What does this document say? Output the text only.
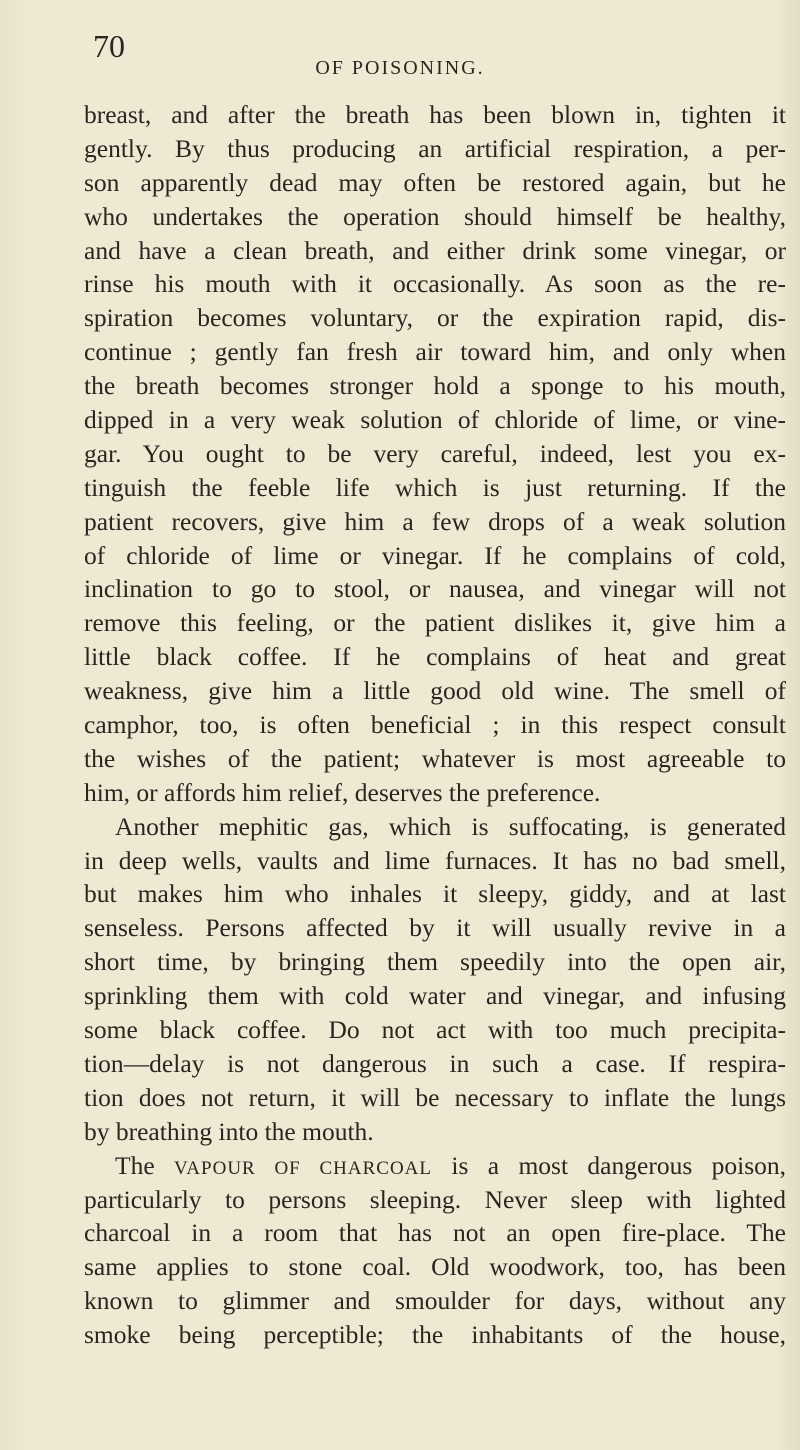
70
OF POISONING.
breast, and after the breath has been blown in, tighten it
gently. By thus producing an artificial respiration, a per-
son apparently dead may often be restored again, but he
who undertakes the operation should himself be healthy,
and have a clean breath, and either drink some vinegar, or
rinse his mouth with it occasionally. As soon as the re-
spiration becomes voluntary, or the expiration rapid, dis-
continue ; gently fan fresh air toward him, and only when
the breath becomes stronger hold a sponge to his mouth,
dipped in a very weak solution of chloride of lime, or vine-
gar. You ought to be very careful, indeed, lest you ex-
tinguish the feeble life which is just returning. If the
patient recovers, give him a few drops of a weak solution
of chloride of lime or vinegar. If he complains of cold,
inclination to go to stool, or nausea, and vinegar will not
remove this feeling, or the patient dislikes it, give him a
little black coffee. If he complains of heat and great
weakness, give him a little good old wine. The smell of
camphor, too, is often beneficial ; in this respect consult
the wishes of the patient; whatever is most agreeable to
him, or affords him relief, deserves the preference.
Another mephitic gas, which is suffocating, is generated
in deep wells, vaults and lime furnaces. It has no bad smell,
but makes him who inhales it sleepy, giddy, and at last
senseless. Persons affected by it will usually revive in a
short time, by bringing them speedily into the open air,
sprinkling them with cold water and vinegar, and infusing
some black coffee. Do not act with too much precipita-
tion—delay is not dangerous in such a case. If respira-
tion does not return, it will be necessary to inflate the lungs
by breathing into the mouth.
The VAPOUR OF CHARCOAL is a most dangerous poison,
particularly to persons sleeping. Never sleep with lighted
charcoal in a room that has not an open fire-place. The
same applies to stone coal. Old woodwork, too, has been
known to glimmer and smoulder for days, without any
smoke being perceptible; the inhabitants of the house,
